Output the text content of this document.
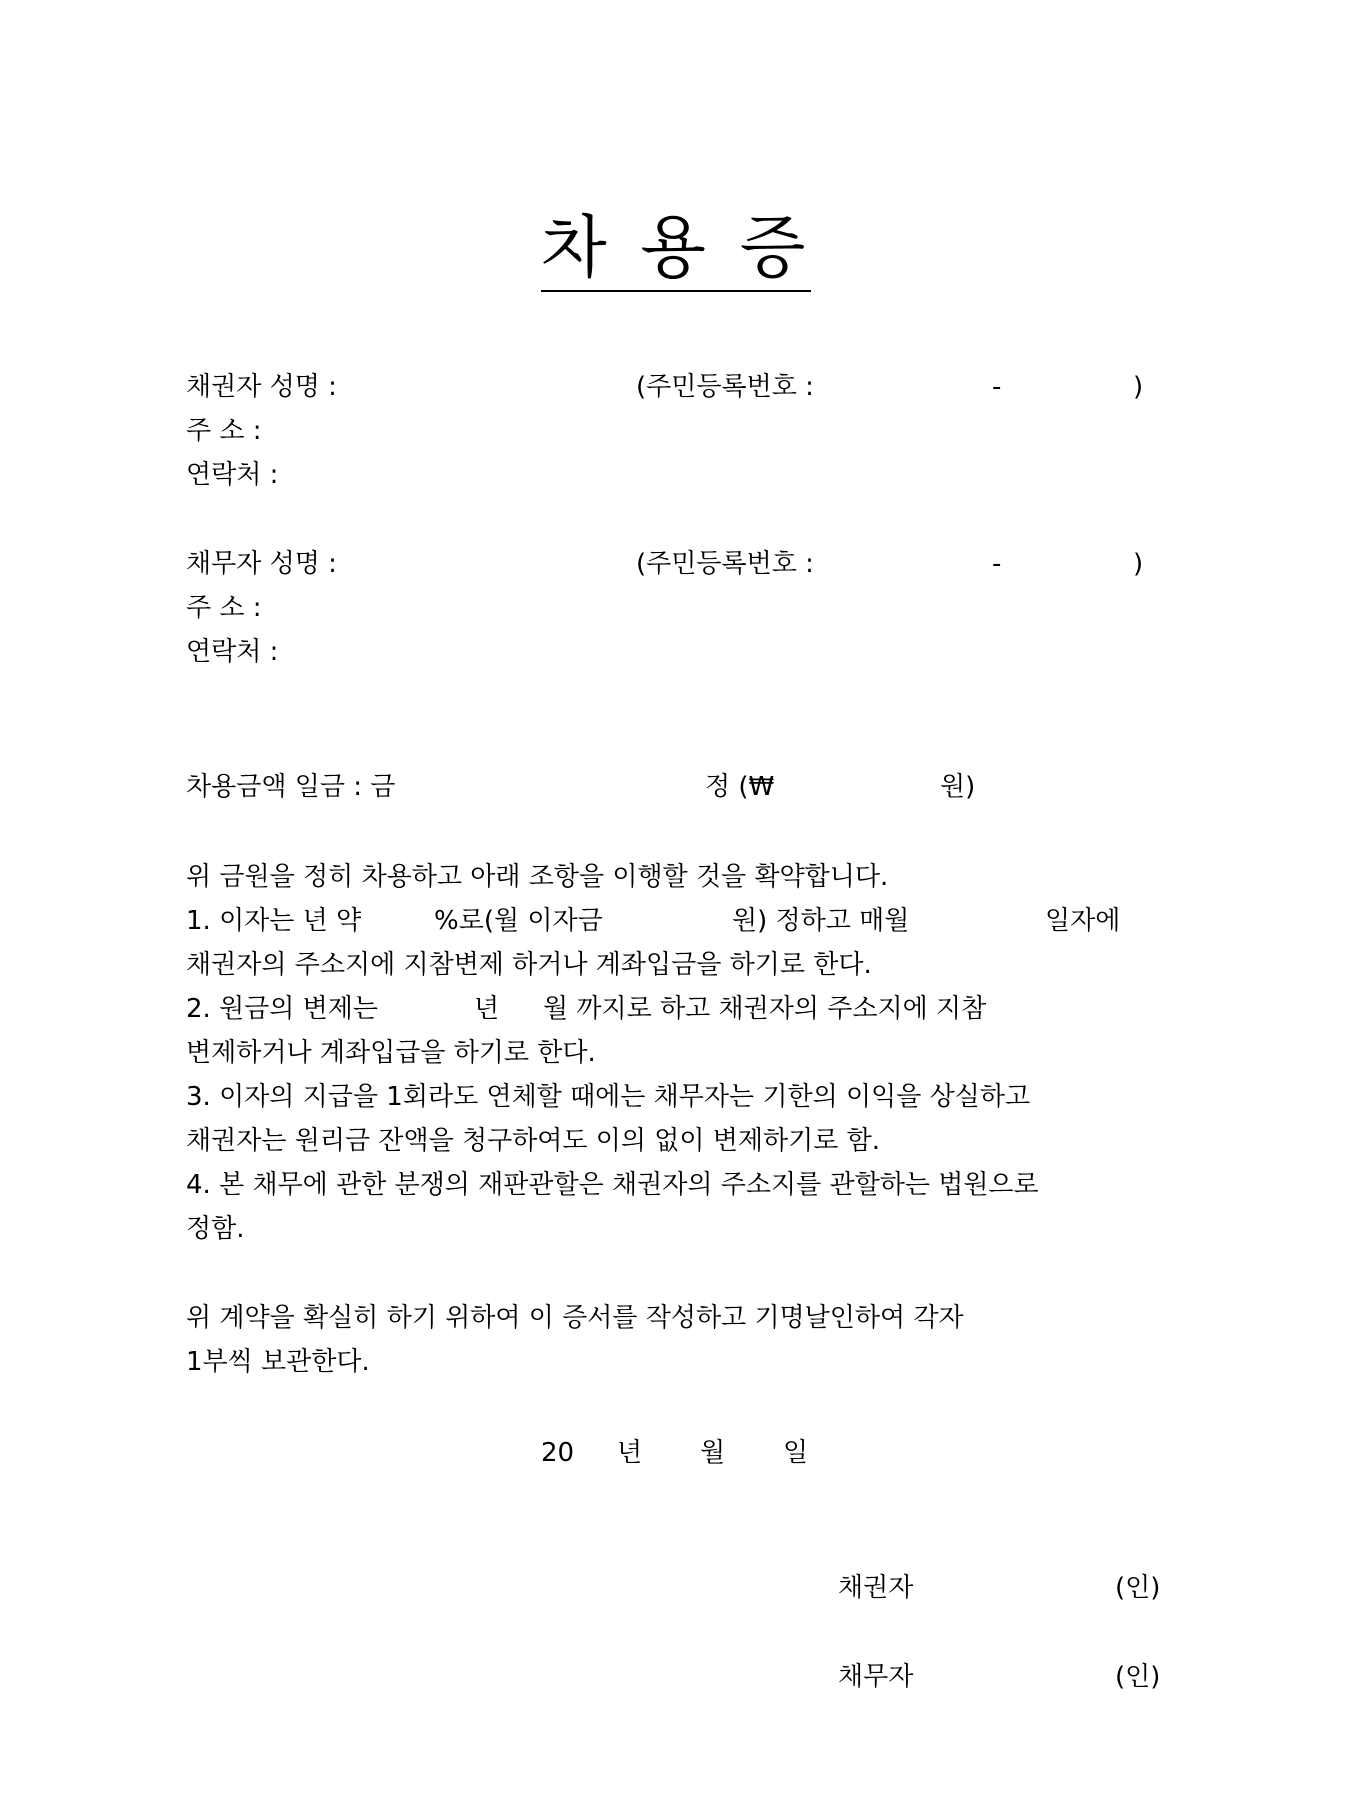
차 용 증
채권자 성명 :	(주민등록번호 :	-	)
주 소 :
연락처 :
채무자 성명 :	(주민등록번호 :	-	)
주 소 :
연락처 :
차용금액 일금 : 금	정 (₩	원)
위 금원을 정히 차용하고 아래 조항을 이행할 것을 확약합니다.
1. 이자는 년 약	%로(월 이자금	원) 정하고 매월	일자에
채권자의 주소지에 지참변제 하거나 계좌입금을 하기로 한다.
2. 원금의 변제는	년 월 까지로 하고 채권자의 주소지에 지참
변제하거나 계좌입급을 하기로 한다.
3. 이자의 지급을 1회라도 연체할 때에는 채무자는 기한의 이익을 상실하고
채권자는 원리금 잔액을 청구하여도 이의 없이 변제하기로 함.
4. 본 채무에 관한 분쟁의 재판관할은 채권자의 주소지를 관할하는 법원으로
정함.
위 계약을 확실히 하기 위하여 이 증서를 작성하고 기명날인하여 각자
1부씩 보관한다.
20 년 월 일
채권자	(인)
채무자	(인)
